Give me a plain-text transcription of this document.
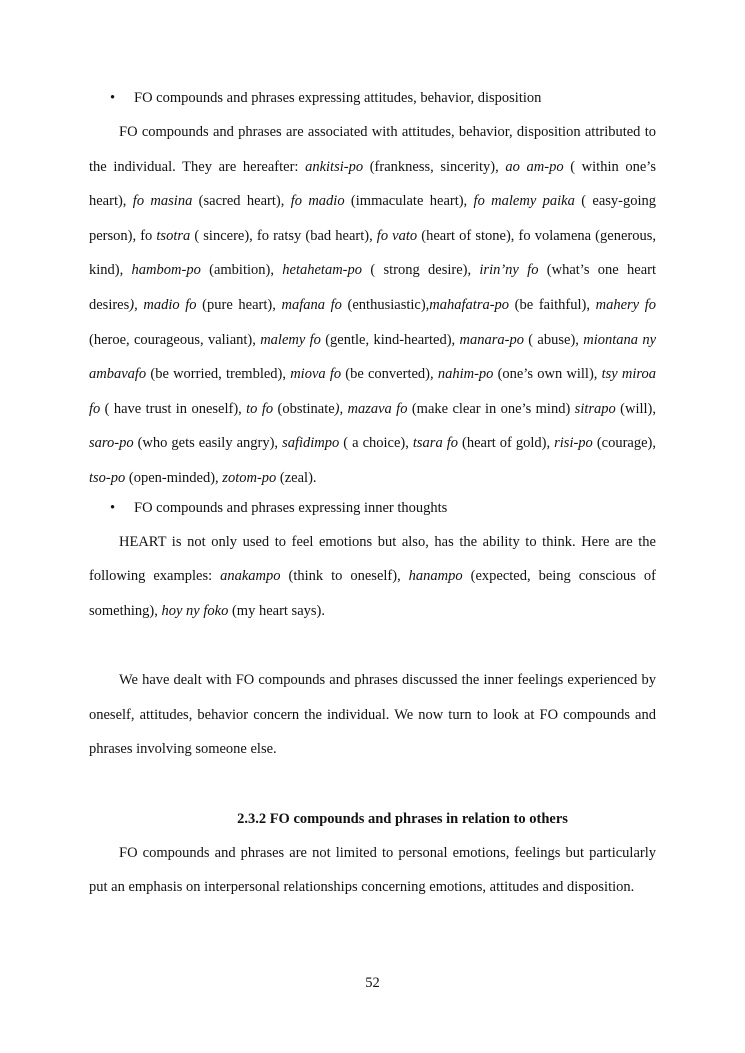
• FO compounds and phrases expressing attitudes, behavior, disposition

FO compounds and phrases are associated with attitudes, behavior, disposition attributed to the individual. They are hereafter: ankitsi-po (frankness, sincerity), ao am-po ( within one’s heart), fo masina (sacred heart), fo madio (immaculate heart), fo malemy paika ( easy-going person), fo tsotra ( sincere), fo ratsy (bad heart), fo vato (heart of stone), fo volamena (generous, kind), hambom-po (ambition), hetahetam-po ( strong desire), irin’ny fo (what’s one heart desires), madio fo (pure heart), mafana fo (enthusiastic),mahafatra-po (be faithful), mahery fo (heroe, courageous, valiant), malemy fo (gentle, kind-hearted), manara-po ( abuse), miontana ny ambavafo (be worried, trembled), miova fo (be converted), nahim-po (one’s own will), tsy miroa fo ( have trust in oneself), to fo (obstinate), mazava fo (make clear in one’s mind) sitrapo (will), saro-po (who gets easily angry), safidimpo ( a choice), tsara fo (heart of gold), risi-po (courage), tso-po (open-minded), zotom-po (zeal).

• FO compounds and phrases expressing inner thoughts

HEART is not only used to feel emotions but also, has the ability to think. Here are the following examples: anakampo (think to oneself), hanampo (expected, being conscious of something), hoy ny foko (my heart says).

We have dealt with FO compounds and phrases discussed the inner feelings experienced by oneself, attitudes, behavior concern the individual. We now turn to look at FO compounds and phrases involving someone else.

2.3.2 FO compounds and phrases in relation to others

FO compounds and phrases are not limited to personal emotions, feelings but particularly put an emphasis on interpersonal relationships concerning emotions, attitudes and disposition.

52
